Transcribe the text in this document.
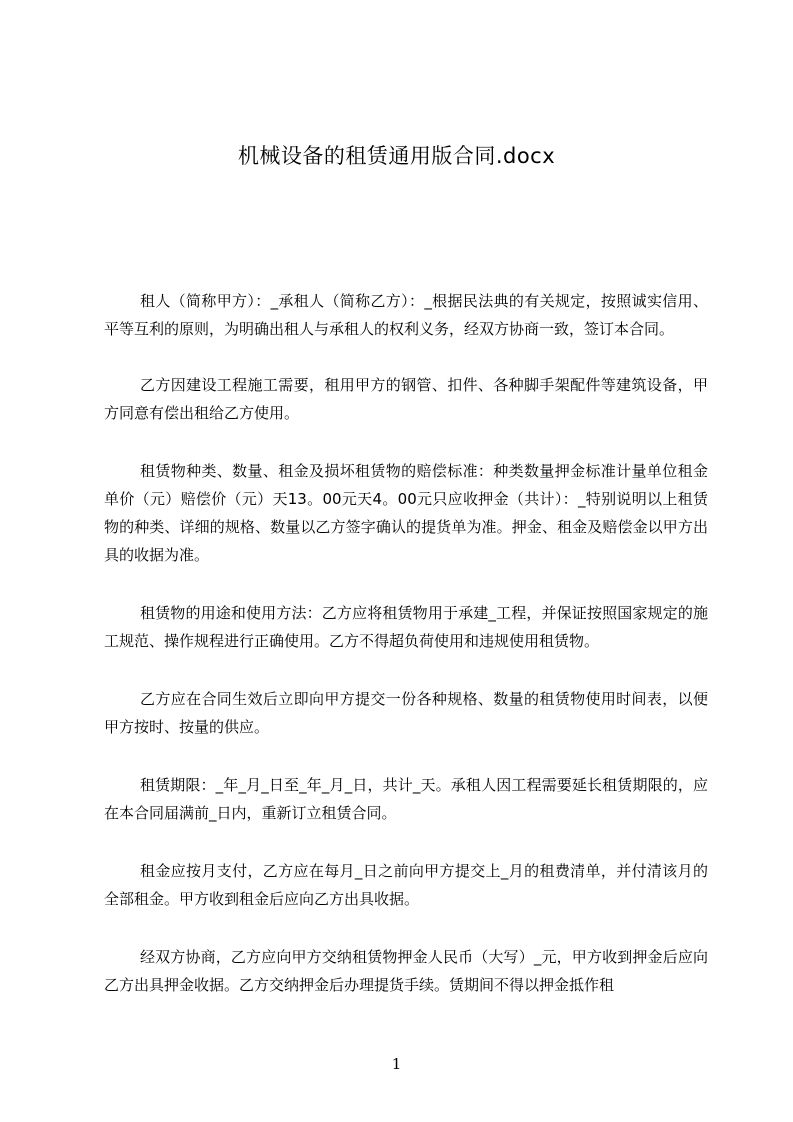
机械设备的租赁通用版合同.docx

租人（简称甲方）：_承租人（简称乙方）：_根据民法典的有关规定，按照诚实信用、平等互利的原则，为明确出租人与承租人的权利义务，经双方协商一致，签订本合同。

乙方因建设工程施工需要，租用甲方的钢管、扣件、各种脚手架配件等建筑设备，甲方同意有偿出租给乙方使用。

租赁物种类、数量、租金及损坏租赁物的赔偿标准：种类数量押金标准计量单位租金单价（元）赔偿价（元）天13。00元天4。00元只应收押金（共计）：_特别说明以上租赁物的种类、详细的规格、数量以乙方签字确认的提货单为准。押金、租金及赔偿金以甲方出具的收据为准。

租赁物的用途和使用方法：乙方应将租赁物用于承建_工程，并保证按照国家规定的施工规范、操作规程进行正确使用。乙方不得超负荷使用和违规使用租赁物。

乙方应在合同生效后立即向甲方提交一份各种规格、数量的租赁物使用时间表，以便甲方按时、按量的供应。

租赁期限：_年_月_日至_年_月_日，共计_天。承租人因工程需要延长租赁期限的，应在本合同届满前_日内，重新订立租赁合同。

租金应按月支付，乙方应在每月_日之前向甲方提交上_月的租费清单，并付清该月的全部租金。甲方收到租金后应向乙方出具收据。

经双方协商，乙方应向甲方交纳租赁物押金人民币（大写）_元，甲方收到押金后应向乙方出具押金收据。乙方交纳押金后办理提货手续。赁期间不得以押金抵作租

1
